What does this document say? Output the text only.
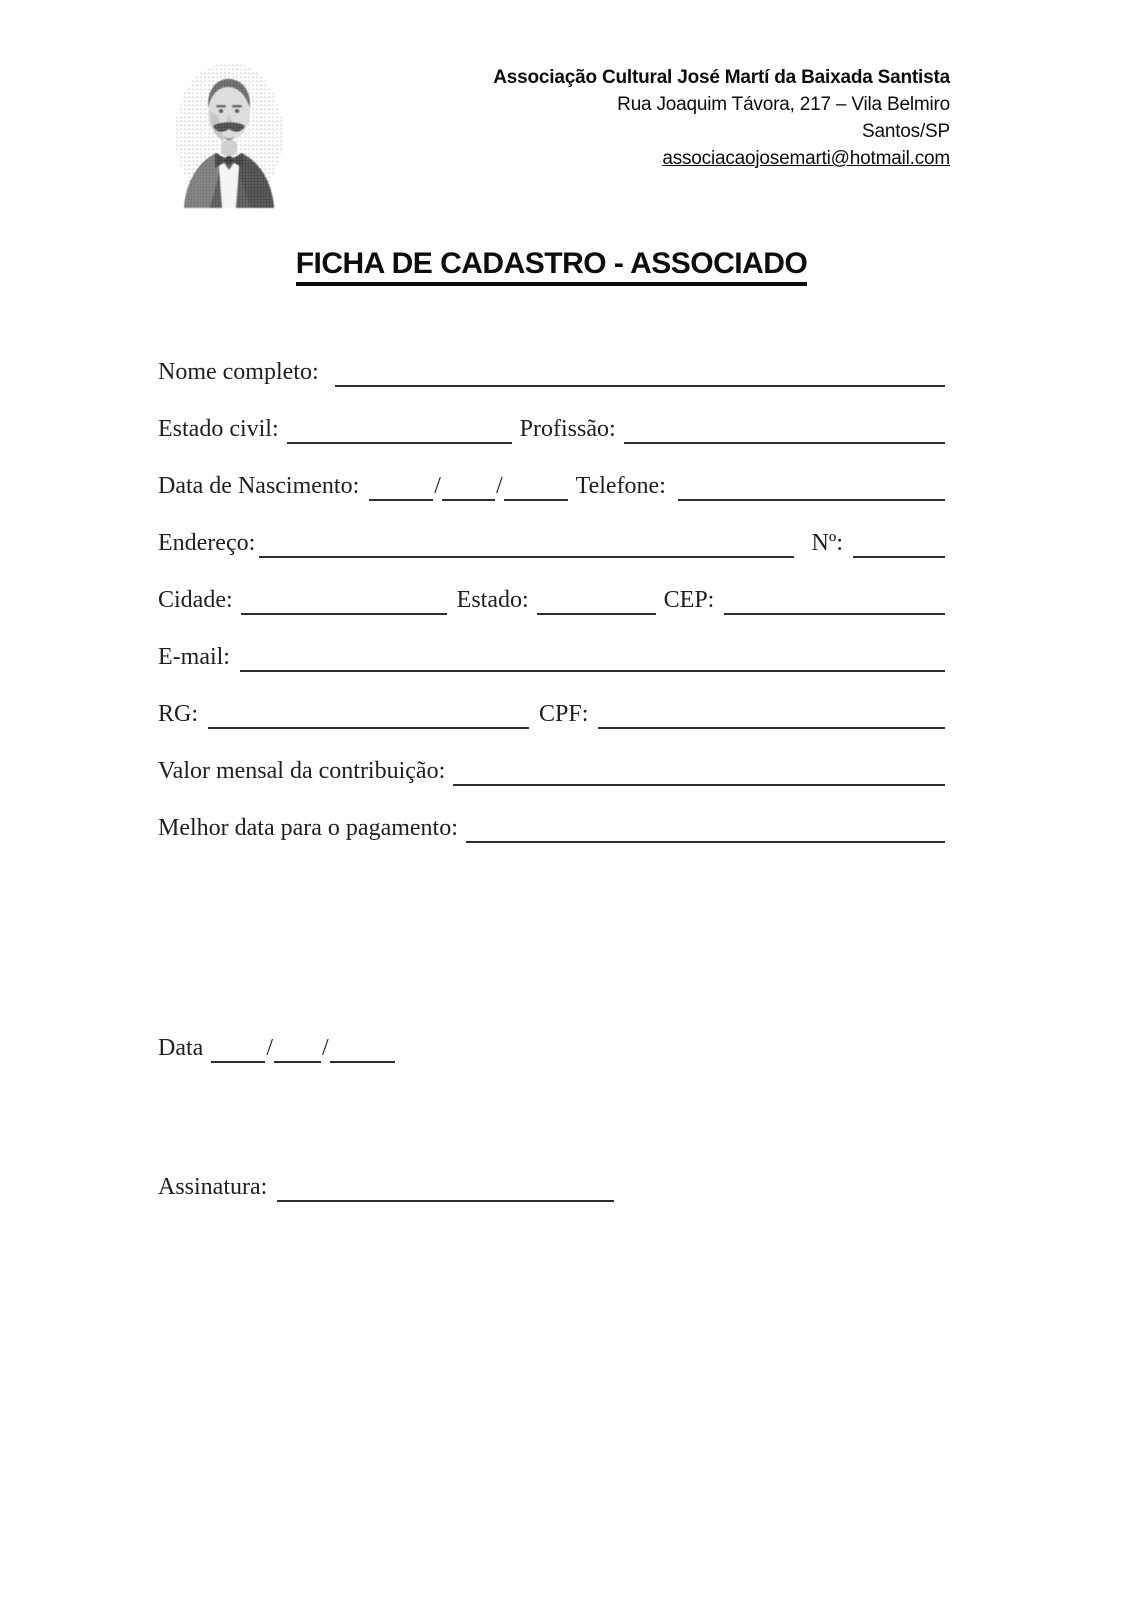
Associação Cultural José Martí da Baixada Santista
Rua Joaquim Távora, 217 – Vila Belmiro
Santos/SP
associacaojosemarti@hotmail.com
FICHA DE CADASTRO - ASSOCIADO
Nome completo:
Estado civil:	Profissão:
Data de Nascimento:	/ /	Telefone:
Endereço:	Nº:
Cidade:	Estado:	CEP:
E-mail:
RG:	CPF:
Valor mensal da contribuição:
Melhor data para o pagamento:
Data	/ /
Assinatura:
